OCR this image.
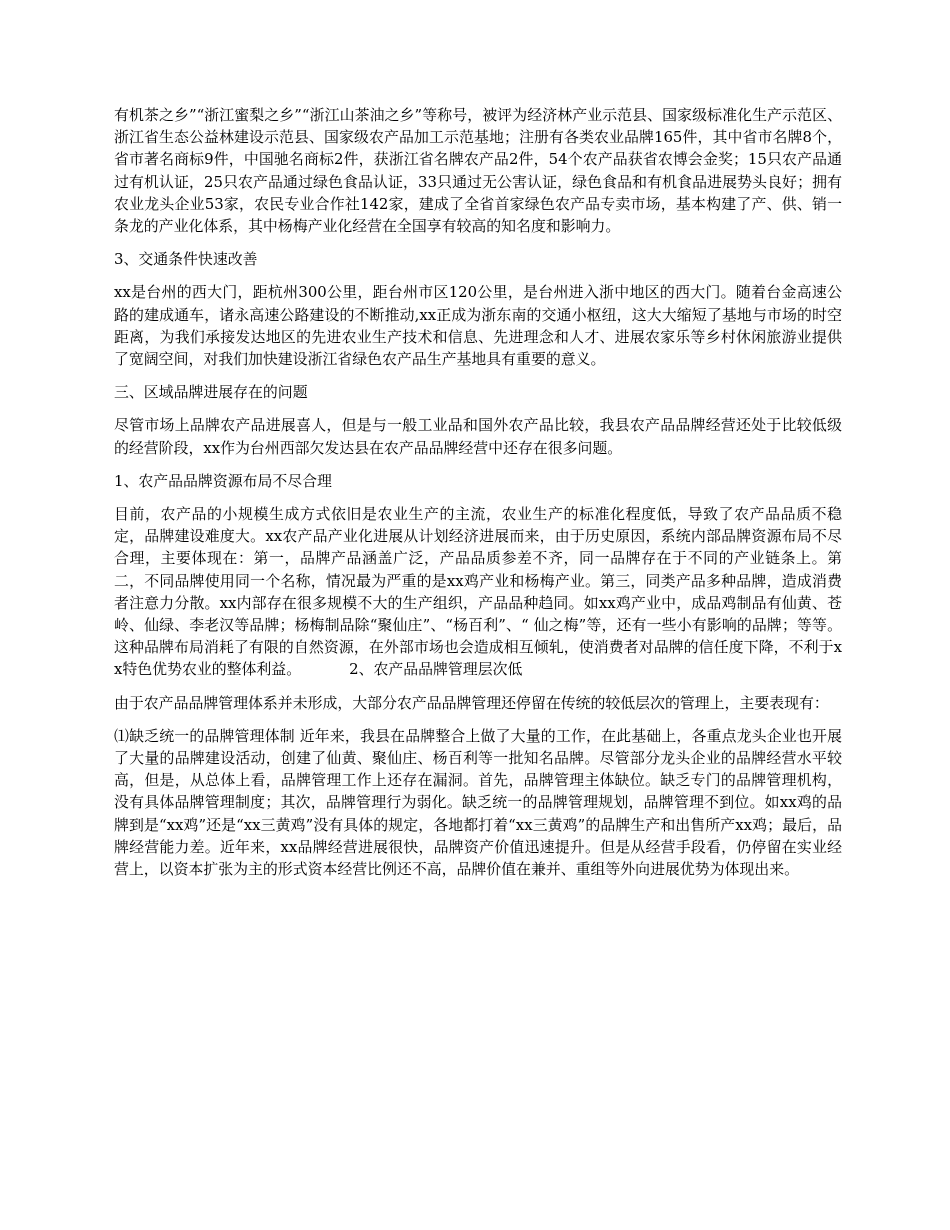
有机茶之乡”“浙江蜜梨之乡”“浙江山茶油之乡”等称号，被评为经济林产业示范县、国家级标准化生产示范区、浙江省生态公益林建设示范县、国家级农产品加工示范基地；注册有各类农业品牌165件，其中省市名牌8个，省市著名商标9件，中国驰名商标2件，获浙江省名牌农产品2件，54个农产品获省农博会金奖；15只农产品通过有机认证，25只农产品通过绿色食品认证，33只通过无公害认证，绿色食品和有机食品进展势头良好；拥有农业龙头企业53家，农民专业合作社142家，建成了全省首家绿色农产品专卖市场，基本构建了产、供、销一条龙的产业化体系，其中杨梅产业化经营在全国享有较高的知名度和影响力。

3、交通条件快速改善

xx是台州的西大门，距杭州300公里，距台州市区120公里，是台州进入浙中地区的西大门。随着台金高速公路的建成通车，诸永高速公路建设的不断推动,xx正成为浙东南的交通小枢纽，这大大缩短了基地与市场的时空距离，为我们承接发达地区的先进农业生产技术和信息、先进理念和人才、进展农家乐等乡村休闲旅游业提供了宽阔空间，对我们加快建设浙江省绿色农产品生产基地具有重要的意义。

三、区域品牌进展存在的问题

尽管市场上品牌农产品进展喜人，但是与一般工业品和国外农产品比较，我县农产品品牌经营还处于比较低级的经营阶段，xx作为台州西部欠发达县在农产品品牌经营中还存在很多问题。

1、农产品品牌资源布局不尽合理

目前，农产品的小规模生成方式依旧是农业生产的主流，农业生产的标准化程度低，导致了农产品品质不稳定，品牌建设难度大。xx农产品产业化进展从计划经济进展而来，由于历史原因，系统内部品牌资源布局不尽合理，主要体现在：第一，品牌产品涵盖广泛，产品品质参差不齐，同一品牌存在于不同的产业链条上。第二，不同品牌使用同一个名称，情况最为严重的是xx鸡产业和杨梅产业。第三，同类产品多种品牌，造成消费者注意力分散。xx内部存在很多规模不大的生产组织，产品品种趋同。如xx鸡产业中，成品鸡制品有仙黄、苍岭、仙绿、李老汉等品牌；杨梅制品除“聚仙庄”、“杨百利”、“ 仙之梅”等，还有一些小有影响的品牌；等等。这种品牌布局消耗了有限的自然资源，在外部市场也会造成相互倾轧，使消费者对品牌的信任度下降，不利于xx特色优势农业的整体利益。	2、农产品品牌管理层次低

由于农产品品牌管理体系并未形成，大部分农产品品牌管理还停留在传统的较低层次的管理上，主要表现有：

⑴缺乏统一的品牌管理体制 近年来，我县在品牌整合上做了大量的工作，在此基础上，各重点龙头企业也开展了大量的品牌建设活动，创建了仙黄、聚仙庄、杨百利等一批知名品牌。尽管部分龙头企业的品牌经营水平较高，但是，从总体上看，品牌管理工作上还存在漏洞。首先，品牌管理主体缺位。缺乏专门的品牌管理机构，没有具体品牌管理制度；其次，品牌管理行为弱化。缺乏统一的品牌管理规划，品牌管理不到位。如xx鸡的品牌到是“xx鸡”还是“xx三黄鸡”没有具体的规定，各地都打着“xx三黄鸡”的品牌生产和出售所产xx鸡；最后，品牌经营能力差。近年来，xx品牌经营进展很快，品牌资产价值迅速提升。但是从经营手段看，仍停留在实业经营上，以资本扩张为主的形式资本经营比例还不高，品牌价值在兼并、重组等外向进展优势为体现出来。
